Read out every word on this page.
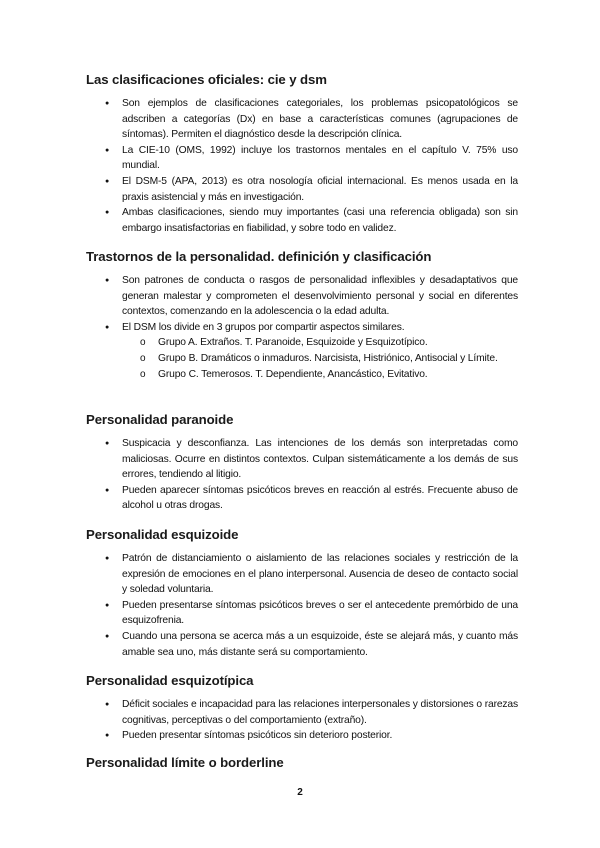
Las clasificaciones oficiales: cie y dsm
● Son ejemplos de clasificaciones categoriales, los problemas psicopatológicos se adscriben a categorías (Dx) en base a características comunes (agrupaciones de síntomas). Permiten el diagnóstico desde la descripción clínica.
● La CIE-10 (OMS, 1992) incluye los trastornos mentales en el capítulo V. 75% uso mundial.
● El DSM-5 (APA, 2013) es otra nosología oficial internacional. Es menos usada en la praxis asistencial y más en investigación.
● Ambas clasificaciones, siendo muy importantes (casi una referencia obligada) son sin embargo insatisfactorias en fiabilidad, y sobre todo en validez.
Trastornos de la personalidad. definición y clasificación
● Son patrones de conducta o rasgos de personalidad inflexibles y desadaptativos que generan malestar y comprometen el desenvolvimiento personal y social en diferentes contextos, comenzando en la adolescencia o la edad adulta.
● El DSM los divide en 3 grupos por compartir aspectos similares.
o Grupo A. Extraños. T. Paranoide, Esquizoide y Esquizotípico.
o Grupo B. Dramáticos o inmaduros. Narcisista, Histriónico, Antisocial y Límite.
o Grupo C. Temerosos. T. Dependiente, Anancástico, Evitativo.
Personalidad paranoide
● Suspicacia y desconfianza. Las intenciones de los demás son interpretadas como maliciosas. Ocurre en distintos contextos. Culpan sistemáticamente a los demás de sus errores, tendiendo al litigio.
● Pueden aparecer síntomas psicóticos breves en reacción al estrés. Frecuente abuso de alcohol u otras drogas.
Personalidad esquizoide
● Patrón de distanciamiento o aislamiento de las relaciones sociales y restricción de la expresión de emociones en el plano interpersonal. Ausencia de deseo de contacto social y soledad voluntaria.
● Pueden presentarse síntomas psicóticos breves o ser el antecedente premórbido de una esquizofrenia.
● Cuando una persona se acerca más a un esquizoide, éste se alejará más, y cuanto más amable sea uno, más distante será su comportamiento.
Personalidad esquizotípica
● Déficit sociales e incapacidad para las relaciones interpersonales y distorsiones o rarezas cognitivas, perceptivas o del comportamiento (extraño).
● Pueden presentar síntomas psicóticos sin deterioro posterior.
Personalidad límite o borderline
2
